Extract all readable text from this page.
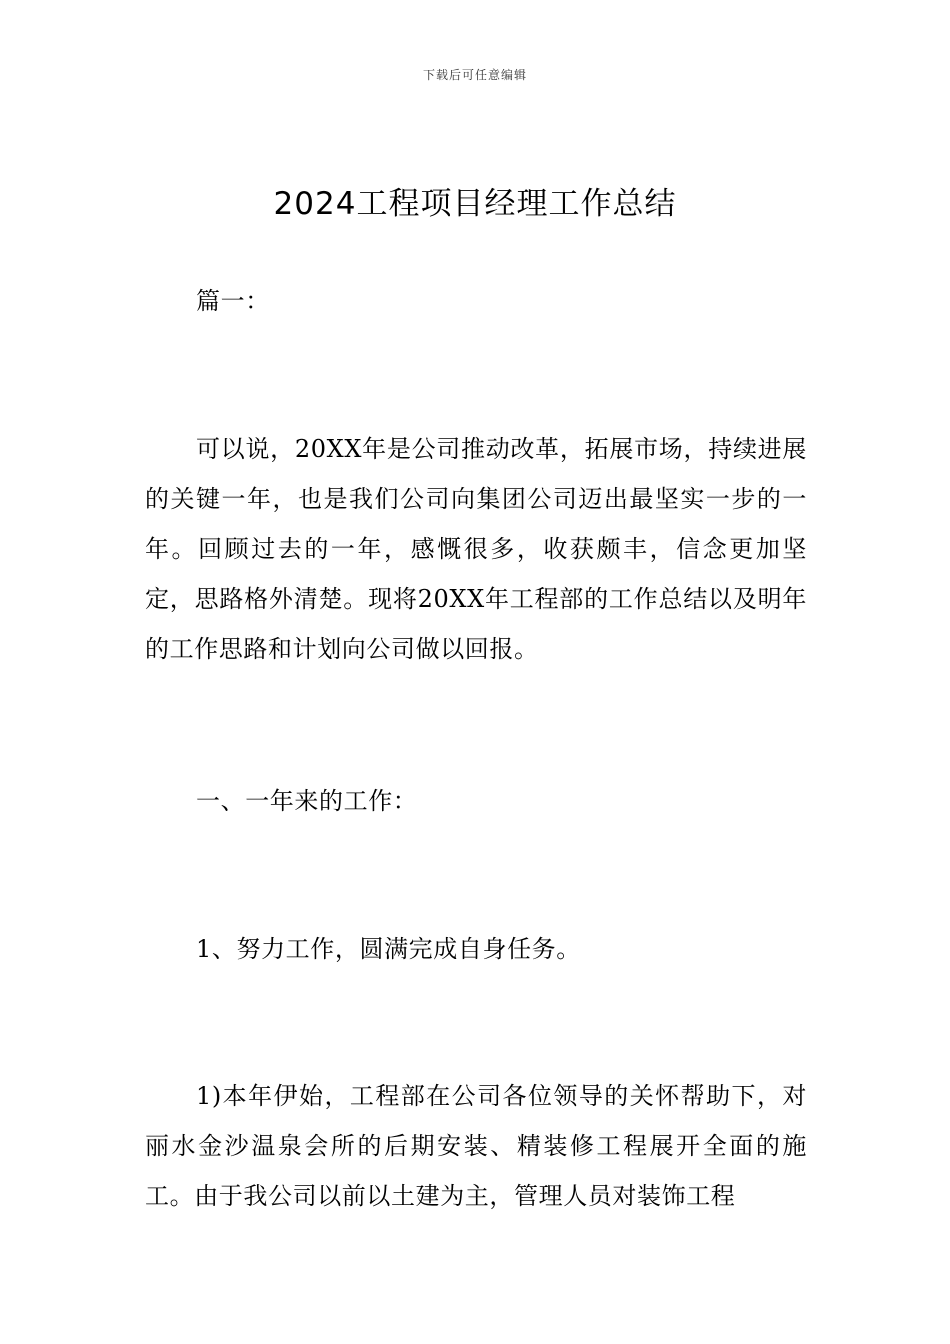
下载后可任意编辑
2024工程项目经理工作总结

篇一：

可以说，20XX年是公司推动改革，拓展市场，持续进展的关键一年，也是我们公司向集团公司迈出最坚实一步的一年。回顾过去的一年，感慨很多，收获颇丰，信念更加坚定，思路格外清楚。现将20XX年工程部的工作总结以及明年的工作思路和计划向公司做以回报。

一、一年来的工作：

1、努力工作，圆满完成自身任务。

1)本年伊始，工程部在公司各位领导的关怀帮助下，对丽水金沙温泉会所的后期安装、精装修工程展开全面的施工。由于我公司以前以土建为主，管理人员对装饰工程
